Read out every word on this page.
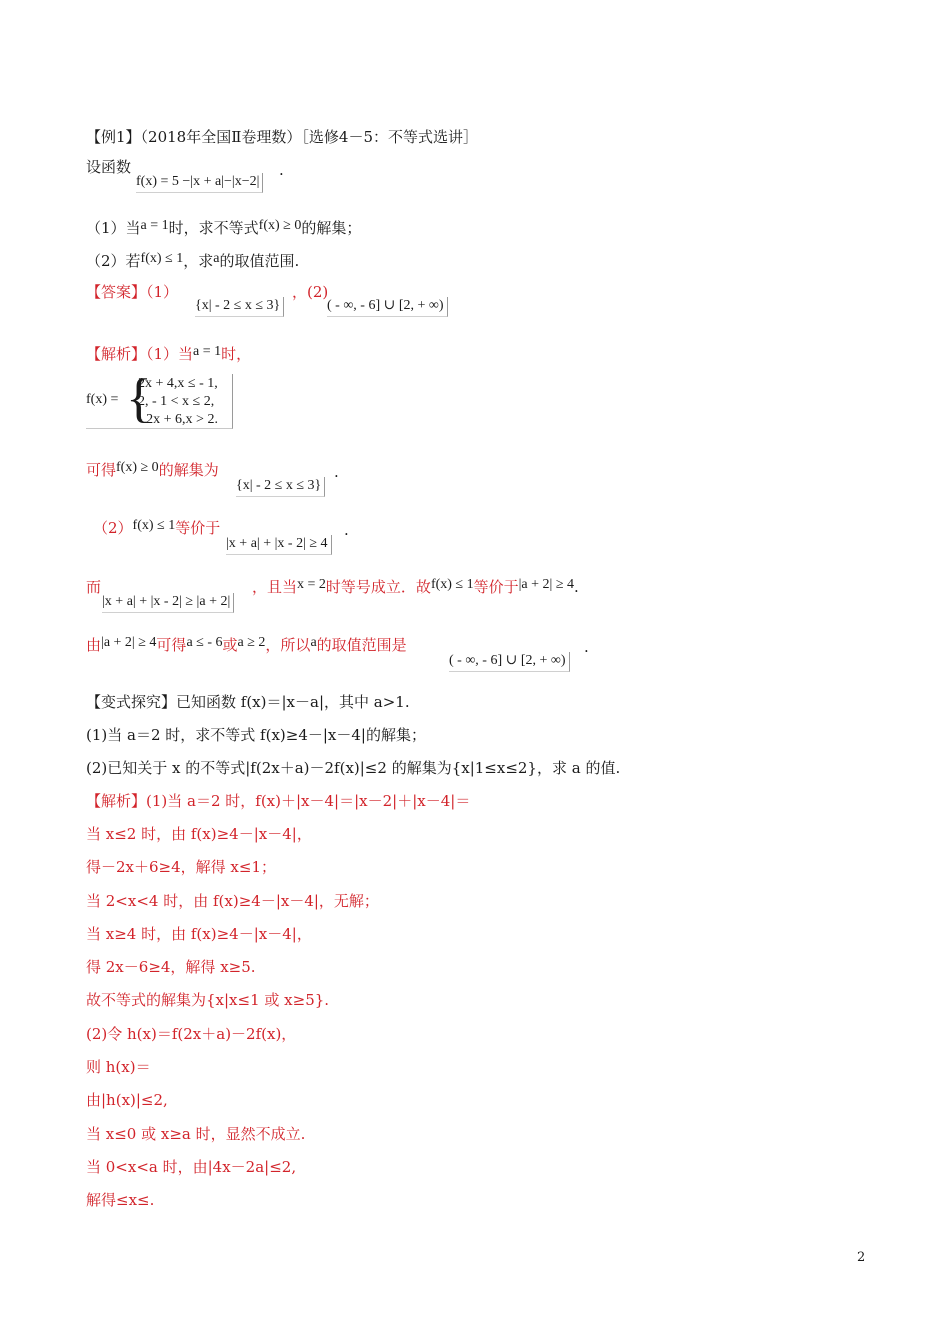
【例1】（2018年全国Ⅱ卷理数）［选修4－5：不等式选讲］
设函数
f(x) = 5 −|x + a|−|x−2|
.
（1）当a = 1时，求不等式f(x) ≥ 0的解集；
（2）若f(x) ≤ 1，求a的取值范围.
【答案】（1）
{x| - 2 ≤ x ≤ 3}
，(2)
( - ∞, - 6] ∪ [2, + ∞)
【解析】（1）当a = 1时，
f(x) = {
2x + 4,x ≤ - 1,
2, - 1 < x ≤ 2,
- 2x + 6,x > 2.
可得f(x) ≥ 0的解集为
{x| - 2 ≤ x ≤ 3}
.
（2）f(x) ≤ 1等价于
|x + a| + |x - 2| ≥ 4
.
而
|x + a| + |x - 2| ≥ |a + 2|
，且当x = 2时等号成立．故f(x) ≤ 1等价于|a + 2| ≥ 4.
由|a + 2| ≥ 4可得a ≤ - 6或a ≥ 2，所以a的取值范围是
( - ∞, - 6] ∪ [2, + ∞)
.
【变式探究】已知函数 f(x)＝|x－a|，其中 a>1.
(1)当 a＝2 时，求不等式 f(x)≥4－|x－4|的解集；
(2)已知关于 x 的不等式|f(2x＋a)－2f(x)|≤2 的解集为{x|1≤x≤2}，求 a 的值.
【解析】(1)当 a＝2 时，f(x)＋|x－4|＝|x－2|＋|x－4|＝
当 x≤2 时，由 f(x)≥4－|x－4|，
得－2x＋6≥4，解得 x≤1；
当 2<x<4 时，由 f(x)≥4－|x－4|，无解；
当 x≥4 时，由 f(x)≥4－|x－4|，
得 2x－6≥4，解得 x≥5.
故不等式的解集为{x|x≤1 或 x≥5}.
(2)令 h(x)＝f(2x＋a)－2f(x)，
则 h(x)＝
由|h(x)|≤2,
当 x≤0 或 x≥a 时，显然不成立.
当 0<x<a 时，由|4x－2a|≤2,
解得≤x≤.
2
